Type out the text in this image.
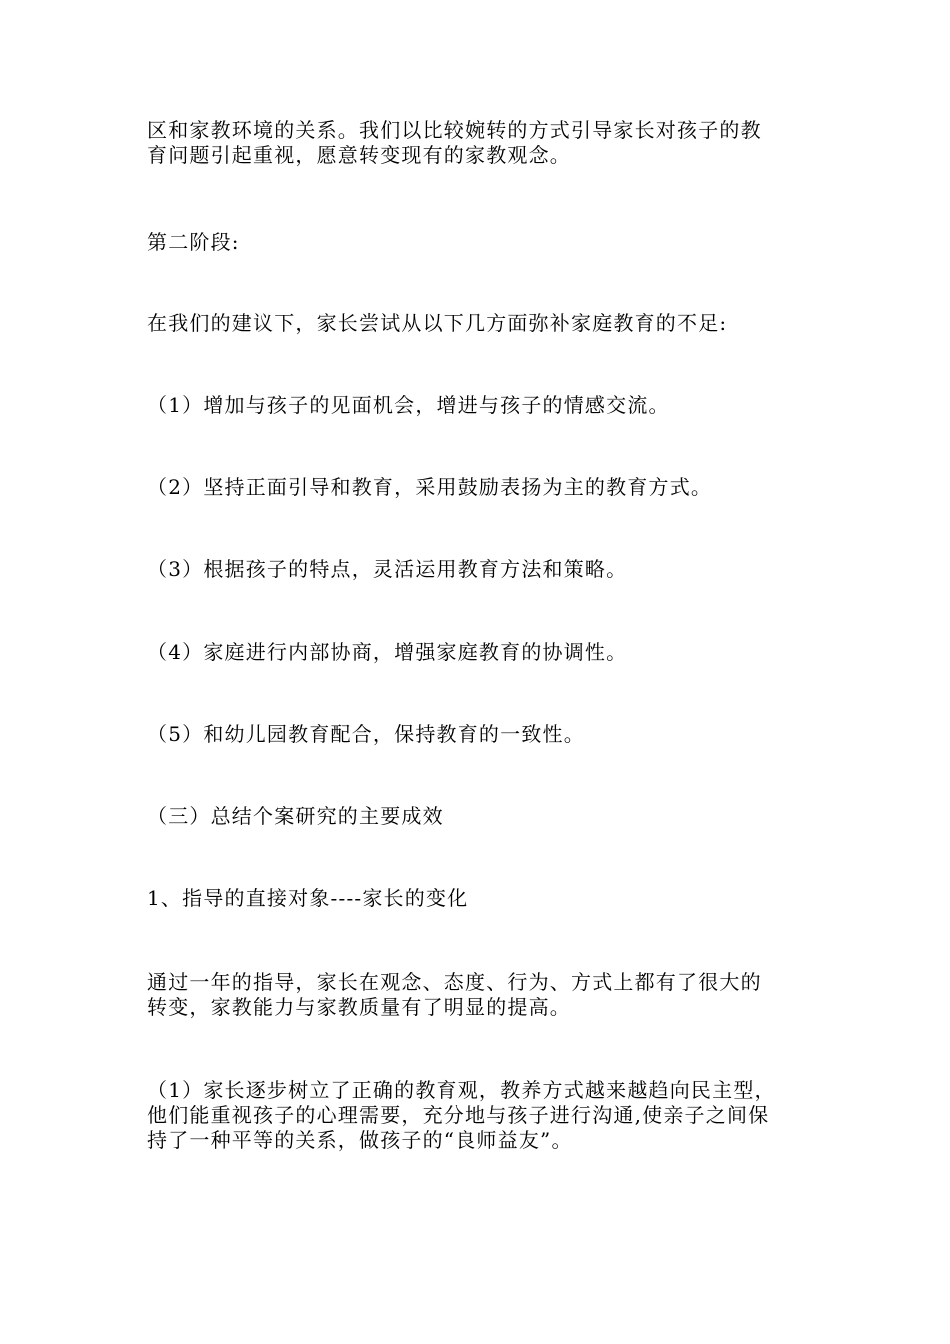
区和家教环境的关系。我们以比较婉转的方式引导家长对孩子的教
育问题引起重视，愿意转变现有的家教观念。
第二阶段:
在我们的建议下，家长尝试从以下几方面弥补家庭教育的不足:
（1）增加与孩子的见面机会，增进与孩子的情感交流。
（2）坚持正面引导和教育，采用鼓励表扬为主的教育方式。
（3）根据孩子的特点，灵活运用教育方法和策略。
（4）家庭进行内部协商，增强家庭教育的协调性。
（5）和幼儿园教育配合，保持教育的一致性。
（三）总结个案研究的主要成效
1、指导的直接对象----家长的变化
通过一年的指导，家长在观念、态度、行为、方式上都有了很大的
转变，家教能力与家教质量有了明显的提高。
（1）家长逐步树立了正确的教育观，教养方式越来越趋向民主型，
他们能重视孩子的心理需要，充分地与孩子进行沟通,使亲子之间保
持了一种平等的关系，做孩子的“良师益友”。
